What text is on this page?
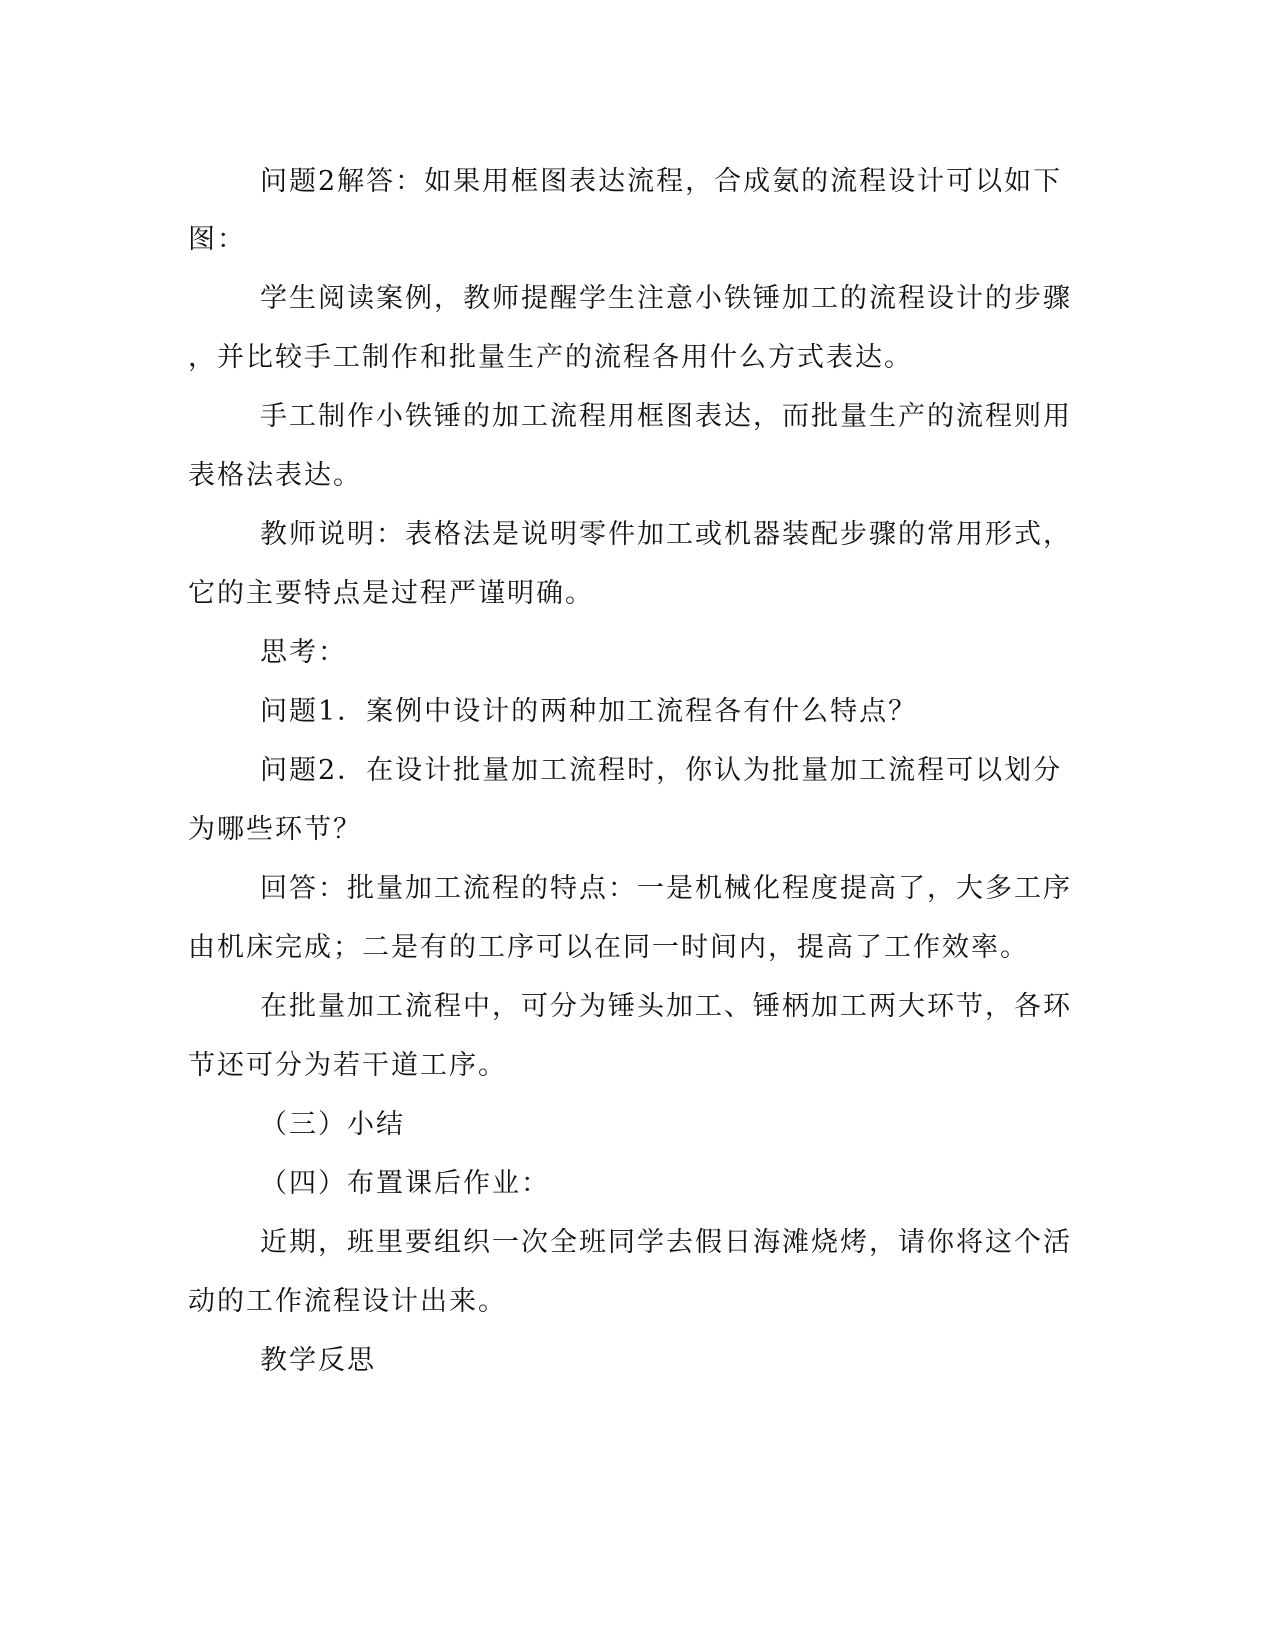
问题2解答：如果用框图表达流程，合成氨的流程设计可以如下
图：
学生阅读案例，教师提醒学生注意小铁锤加工的流程设计的步骤
，并比较手工制作和批量生产的流程各用什么方式表达。
手工制作小铁锤的加工流程用框图表达，而批量生产的流程则用
表格法表达。
教师说明：表格法是说明零件加工或机器装配步骤的常用形式，
它的主要特点是过程严谨明确。
思考：
问题1．案例中设计的两种加工流程各有什么特点？
问题2．在设计批量加工流程时，你认为批量加工流程可以划分
为哪些环节？
回答：批量加工流程的特点：一是机械化程度提高了，大多工序
由机床完成；二是有的工序可以在同一时间内，提高了工作效率。
在批量加工流程中，可分为锤头加工、锤柄加工两大环节，各环
节还可分为若干道工序。
（三）小结
（四）布置课后作业：
近期，班里要组织一次全班同学去假日海滩烧烤，请你将这个活
动的工作流程设计出来。
教学反思
